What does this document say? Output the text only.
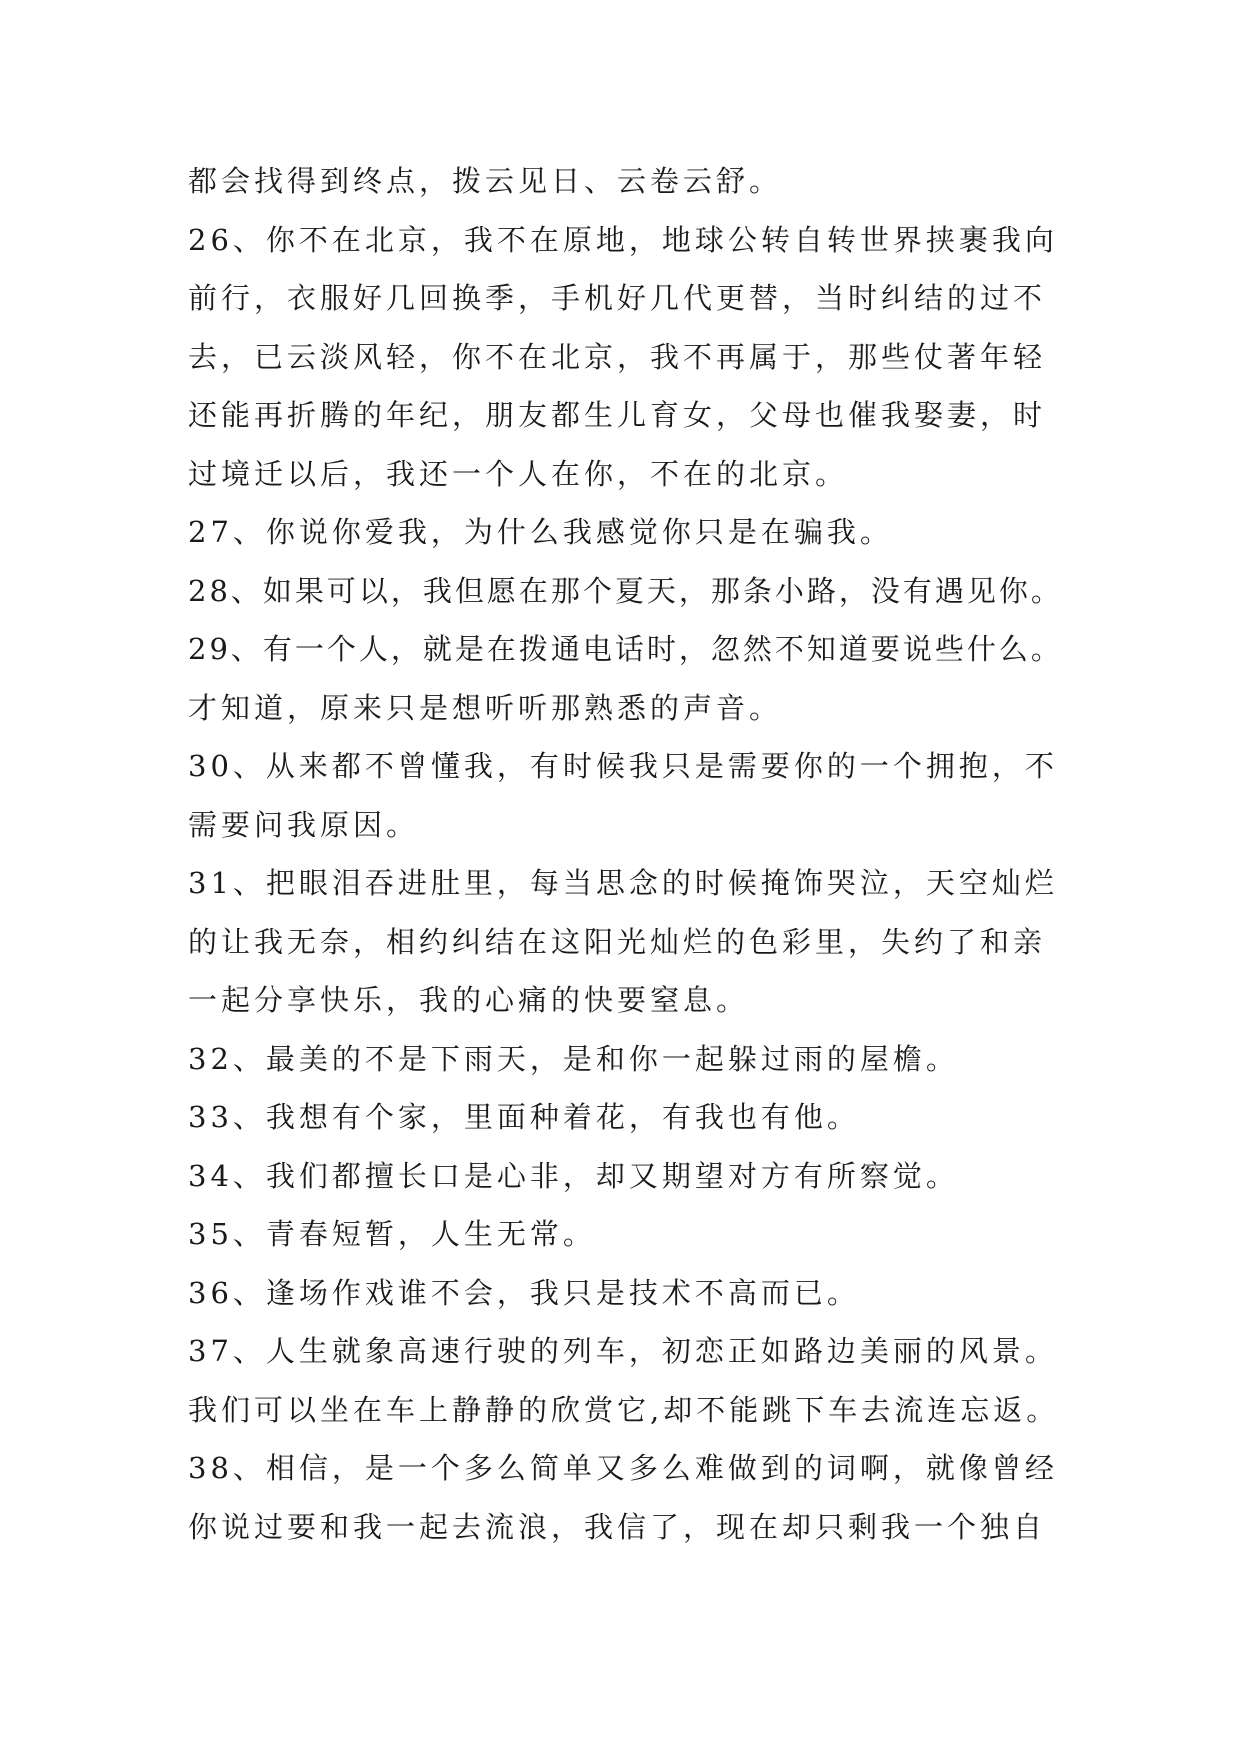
都会找得到终点，拨云见日、云卷云舒。
26、你不在北京，我不在原地，地球公转自转世界挟裹我向
前行，衣服好几回换季，手机好几代更替，当时纠结的过不
去，已云淡风轻，你不在北京，我不再属于，那些仗著年轻
还能再折腾的年纪，朋友都生儿育女，父母也催我娶妻，时
过境迁以后，我还一个人在你，不在的北京。
27、你说你爱我，为什么我感觉你只是在骗我。
28、如果可以，我但愿在那个夏天，那条小路，没有遇见你。
29、有一个人，就是在拨通电话时，忽然不知道要说些什么。
才知道，原来只是想听听那熟悉的声音。
30、从来都不曾懂我，有时候我只是需要你的一个拥抱，不
需要问我原因。
31、把眼泪吞进肚里，每当思念的时候掩饰哭泣，天空灿烂
的让我无奈，相约纠结在这阳光灿烂的色彩里，失约了和亲
一起分享快乐，我的心痛的快要窒息。
32、最美的不是下雨天，是和你一起躲过雨的屋檐。
33、我想有个家，里面种着花，有我也有他。
34、我们都擅长口是心非，却又期望对方有所察觉。
35、青春短暂，人生无常。
36、逢场作戏谁不会，我只是技术不高而已。
37、人生就象高速行驶的列车，初恋正如路边美丽的风景。
我们可以坐在车上静静的欣赏它,却不能跳下车去流连忘返。
38、相信，是一个多么简单又多么难做到的词啊，就像曾经
你说过要和我一起去流浪，我信了，现在却只剩我一个独自
